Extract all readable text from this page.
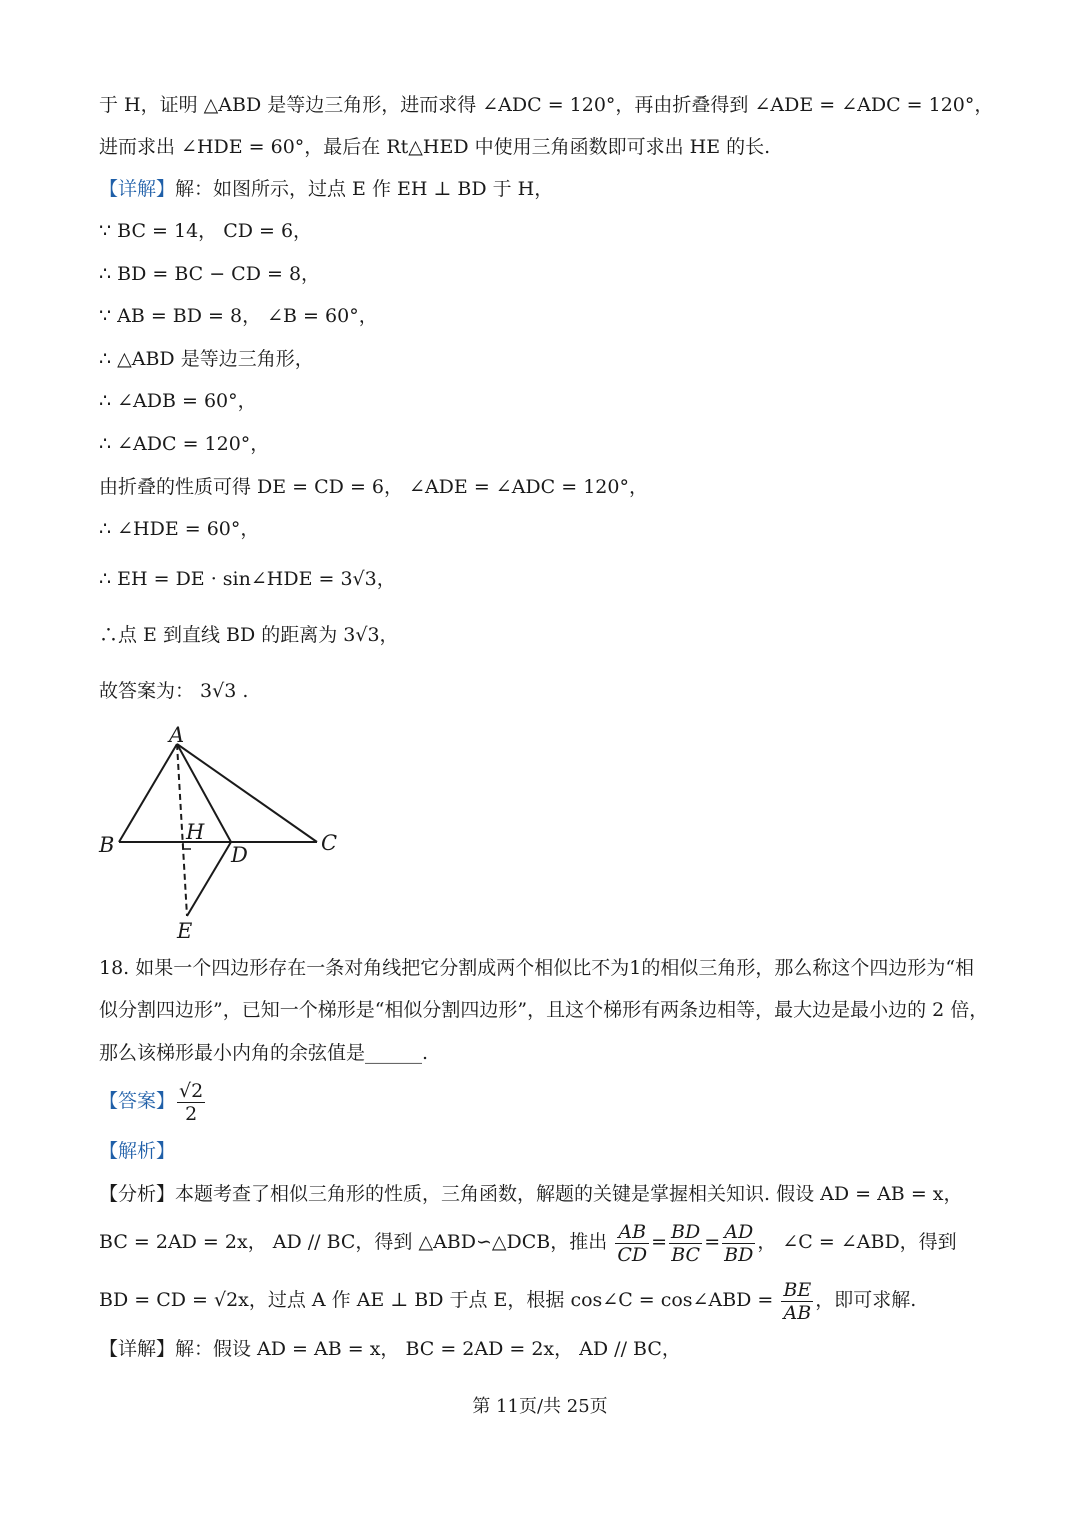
于 H，证明 △ABD 是等边三角形，进而求得 ∠ADC = 120°，再由折叠得到 ∠ADE = ∠ADC = 120°，
进而求出 ∠HDE = 60°，最后在 Rt△HED 中使用三角函数即可求出 HE 的长.
【详解】解：如图所示，过点 E 作 EH ⊥ BD 于 H，
∵ BC = 14， CD = 6，
∴ BD = BC − CD = 8，
∵ AB = BD = 8， ∠B = 60°，
∴ △ABD 是等边三角形，
∴ ∠ADB = 60°，
∴ ∠ADC = 120°，
由折叠的性质可得 DE = CD = 6， ∠ADE = ∠ADC = 120°，
∴ ∠HDE = 60°，
∴ EH = DE · sin∠HDE = 3√3，
∴点 E 到直线 BD 的距离为 3√3，
故答案为： 3√3 .
A
B	C
D
E
H
18. 如果一个四边形存在一条对角线把它分割成两个相似比不为1的相似三角形，那么称这个四边形为“相
似分割四边形”，已知一个梯形是“相似分割四边形”，且这个梯形有两条边相等，最大边是最小边的 2 倍，
那么该梯形最小内角的余弦值是______.
【答案】 $\frac{√2}{2}$
【解析】
【分析】本题考查了相似三角形的性质，三角函数，解题的关键是掌握相关知识. 假设 AD = AB = x，
BC = 2AD = 2x， AD // BC，得到 △ABD∽△DCB，推出 $\frac{AB}{CD} = \frac{BD}{BC} = \frac{AD}{BD}$ ， ∠C = ∠ABD，得到
BD = CD = √2x，过点 A 作 AE ⊥ BD 于点 E，根据 cos∠C = cos∠ABD = $\frac{BE}{AB}$ ，即可求解.
【详解】解：假设 AD = AB = x， BC = 2AD = 2x， AD // BC，
第 11页/共 25页
